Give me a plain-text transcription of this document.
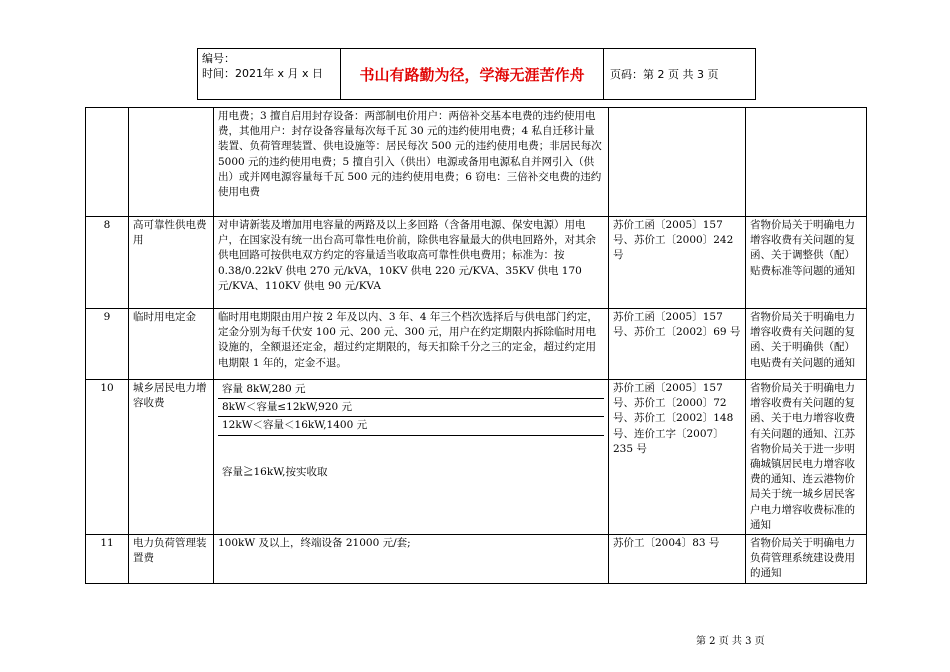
编号：
时间：2021年 x 月 x 日	书山有路勤为径，学海无涯苦作舟	页码：第 2 页 共 3 页
		用电费；3 擅自启用封存设备：两部制电价用户：两倍补交基本电费的违约使用电费，其他用户：封存设备容量每次每千瓦 30 元的违约使用电费；4 私自迁移计量装置、负荷管理装置、供电设施等：居民每次 500 元的违约使用电费；非居民每次 5000 元的违约使用电费；5 擅自引入（供出）电源或备用电源私自并网引入（供出）或并网电源容量每千瓦 500 元的违约使用电费；6 窃电：三倍补交电费的违约使用电费		
8	高可靠性供电费用	对申请新装及增加用电容量的两路及以上多回路（含备用电源、保安电源）用电户，在国家没有统一出台高可靠性电价前，除供电容量最大的供电回路外，对其余供电回路可按供电双方约定的容量适当收取高可靠性供电费用；标准为：按 0.38/0.22kV 供电 270 元/kVA，10KV 供电 220 元/KVA、35KV 供电 170 元/KVA、110KV 供电 90 元/KVA	苏价工函〔2005〕157 号、苏价工〔2000〕242 号	省物价局关于明确电力增容收费有关问题的复函、关于调整供（配）贴费标准等问题的通知
9	临时用电定金	临时用电期限由用户按 2 年及以内、3 年、4 年三个档次选择后与供电部门约定，定金分别为每千伏安 100 元、200 元、300 元，用户在约定期限内拆除临时用电设施的，全额退还定金，超过约定期限的，每天扣除千分之三的定金，超过约定用电期限 1 年的，定金不退。	苏价工函〔2005〕157 号、苏价工〔2002〕69 号	省物价局关于明确电力增容收费有关问题的复函、关于明确供（配）电贴费有关问题的通知
10	城乡居民电力增容收费	容量 8kW,280 元
8kW＜容量≤12kW,920 元
12kW＜容量＜16kW,1400 元
容量≧16kW,按实收取	苏价工函〔2005〕157 号、苏价工〔2000〕72 号、苏价工〔2002〕148 号、连价工字〔2007〕235 号	省物价局关于明确电力增容收费有关问题的复函、关于电力增容收费有关问题的通知、江苏省物价局关于进一步明确城镇居民电力增容收费的通知、连云港物价局关于统一城乡居民客户电力增容收费标准的通知
11	电力负荷管理装置费	100kW 及以上，终端设备 21000 元/套;	苏价工〔2004〕83 号	省物价局关于明确电力负荷管理系统建设费用的通知
第 2 页 共 3 页
